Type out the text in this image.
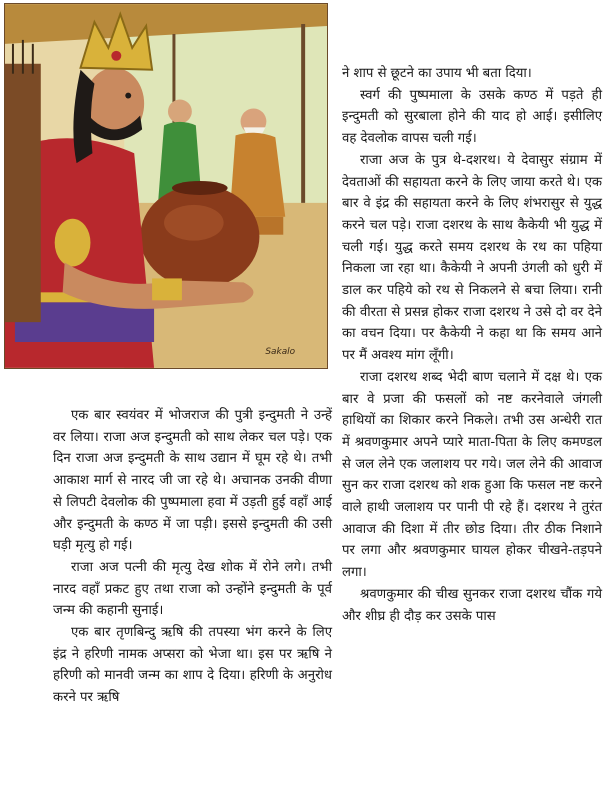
Sakalo

एक बार स्वयंवर में भोजराज की पुत्री इन्दुमती ने उन्हें वर लिया। राजा अज इन्दुमती को साथ लेकर चल पड़े। एक दिन राजा अज इन्दुमती के साथ उद्यान में घूम रहे थे। तभी आकाश मार्ग से नारद जी जा रहे थे। अचानक उनकी वीणा से लिपटी देवलोक की पुष्पमाला हवा में उड़ती हुई वहाँ आई और इन्दुमती के कण्ठ में जा पड़ी। इससे इन्दुमती की उसी घड़ी मृत्यु हो गई।

राजा अज पत्नी की मृत्यु देख शोक में रोने लगे। तभी नारद वहाँ प्रकट हुए तथा राजा को उन्होंने इन्दुमती के पूर्व जन्म की कहानी सुनाई।

एक बार तृणबिन्दु ऋषि की तपस्या भंग करने के लिए इंद्र ने हरिणी नामक अप्सरा को भेजा था। इस पर ऋषि ने हरिणी को मानवी जन्म का शाप दे दिया। हरिणी के अनुरोध करने पर ऋषि

ने शाप से छूटने का उपाय भी बता दिया।

स्वर्ग की पुष्पमाला के उसके कण्ठ में पड़ते ही इन्दुमती को सुरबाला होने की याद हो आई। इसीलिए वह देवलोक वापस चली गई।

राजा अज के पुत्र थे-दशरथ। ये देवासुर संग्राम में देवताओं की सहायता करने के लिए जाया करते थे। एक बार वे इंद्र की सहायता करने के लिए शंभरासुर से युद्ध करने चल पड़े। राजा दशरथ के साथ कैकेयी भी युद्ध में चली गई। युद्ध करते समय दशरथ के रथ का पहिया निकला जा रहा था। कैकेयी ने अपनी उंगली को धुरी में डाल कर पहिये को रथ से निकलने से बचा लिया। रानी की वीरता से प्रसन्न होकर राजा दशरथ ने उसे दो वर देने का वचन दिया। पर कैकेयी ने कहा था कि समय आने पर मैं अवश्य मांग लूँगी।

राजा दशरथ शब्द भेदी बाण चलाने में दक्ष थे। एक बार वे प्रजा की फसलों को नष्ट करनेवाले जंगली हाथियों का शिकार करने निकले। तभी उस अन्धेरी रात में श्रवणकुमार अपने प्यारे माता-पिता के लिए कमण्डल से जल लेने एक जलाशय पर गये। जल लेने की आवाज सुन कर राजा दशरथ को शक हुआ कि फसल नष्ट करने वाले हाथी जलाशय पर पानी पी रहे हैं। दशरथ ने तुरंत आवाज की दिशा में तीर छोड दिया। तीर ठीक निशाने पर लगा और श्रवणकुमार घायल होकर चीखने-तड़पने लगा।

श्रवणकुमार की चीख सुनकर राजा दशरथ चौंक गये और शीघ्र ही दौड़ कर उसके पास
